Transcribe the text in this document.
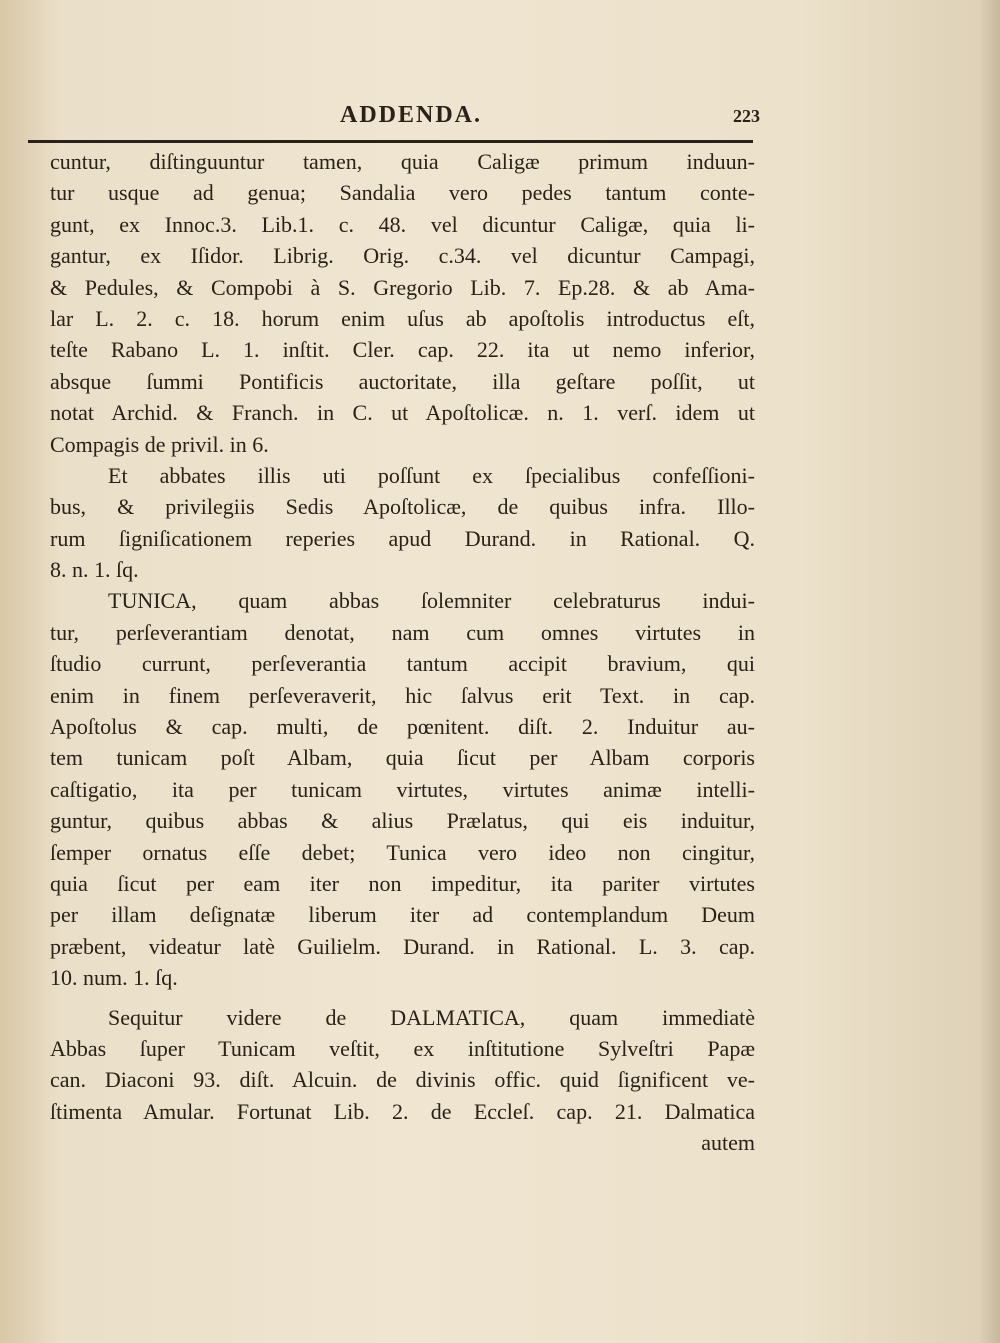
ADDENDA.	223
cuntur, diſtinguuntur tamen, quia Caligæ primum induun-
tur usque ad genua; Sandalia vero pedes tantum conte-
gunt, ex Innoc.3. Lib.1. c. 48. vel dicuntur Caligæ, quia li-
gantur, ex Iſidor. Librig. Orig. c.34. vel dicuntur Campagi,
& Pedules, & Compobi à S. Gregorio Lib. 7. Ep.28. & ab Ama-
lar L. 2. c. 18. horum enim uſus ab apoſtolis introductus eſt,
teſte Rabano L. 1. inſtit. Cler. cap. 22. ita ut nemo inferior,
absque ſummi Pontificis auctoritate, illa geſtare poſſit, ut
notat Archid. & Franch. in C. ut Apoſtolicæ. n. 1. verſ. idem ut
Compagis de privil. in 6.
Et abbates illis uti poſſunt ex ſpecialibus confeſſioni-
bus, & privilegiis Sedis Apoſtolicæ, de quibus infra. Illo-
rum ſigniſicationem reperies apud Durand. in Rational. Q.
8. n. 1. ſq.
TUNICA, quam abbas ſolemniter celebraturus indui-
tur, perſeverantiam denotat, nam cum omnes virtutes in
ſtudio currunt, perſeverantia tantum accipit bravium, qui
enim in finem perſeveraverit, hic ſalvus erit Text. in cap.
Apoſtolus & cap. multi, de pœnitent. diſt. 2. Induitur au-
tem tunicam poſt Albam, quia ſicut per Albam corporis
caſtigatio, ita per tunicam virtutes, virtutes animæ intelli-
guntur, quibus abbas & alius Prælatus, qui eis induitur,
ſemper ornatus eſſe debet; Tunica vero ideo non cingitur,
quia ſicut per eam iter non impeditur, ita pariter virtutes
per illam deſignatæ liberum iter ad contemplandum Deum
præbent, videatur latè Guilielm. Durand. in Rational. L. 3. cap.
10. num. 1. ſq.
Sequitur videre de DALMATICA, quam immediatè
Abbas ſuper Tunicam veſtit, ex inſtitutione Sylveſtri Papæ
can. Diaconi 93. diſt. Alcuin. de divinis offic. quid ſignificent ve-
ſtimenta Amular. Fortunat Lib. 2. de Eccleſ. cap. 21. Dalmatica
autem
